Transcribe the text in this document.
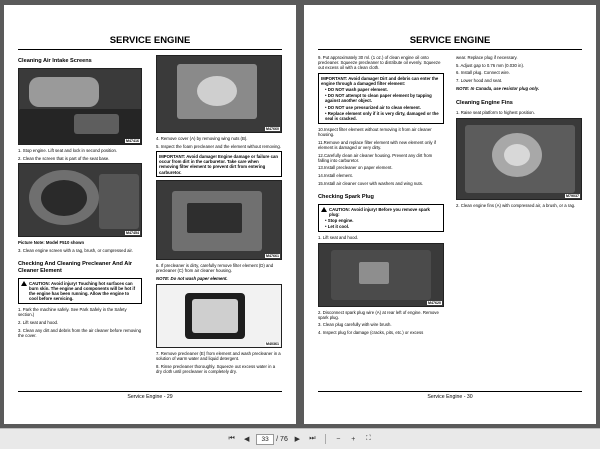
SERVICE ENGINE
Cleaning Air Intake Screens
M47416
1. Stop engine. Lift seat and lock in second position.
2. Clean the screen that is part of the seat base.
M47454
Picture Note: Model F510 shown
3. Clean engine screen with a rag, brush, or compressed air.
Checking And Cleaning Precleaner And Air Cleaner Element
CAUTION: Avoid injury! Touching hot surfaces can burn skin. The engine and components will be hot if the engine has been running. Allow the engine to cool before servicing.
1. Park the machine safely. See Park Safely in the Safety section.)
2. Lift seat and hood.
3. Clean any dirt and debris from the air cleaner before removing the cover.
M47660
4. Remove cover (A) by removing wing nuts (B).
5. Inspect the foam precleaner and the element without removing.
IMPORTANT: Avoid damage! Engine damage or failure can occur from dirt in the carburetor. Take care when removing filter element to prevent dirt from entering carburetor.
M47661
6. If precleaner is dirty, carefully remove filter element (D) and precleaner (C) from air cleaner housing.
NOTE: Do not wash paper element.
M40361
7. Remove precleaner (E) from element and wash precleaner in a solution of warm water and liquid detergent.
8. Rinse precleaner thoroughly. Squeeze out excess water in a dry cloth until precleaner is completely dry.
Service Engine - 29
SERVICE ENGINE
9. Put approximately 30 ml. (1 oz.) of clean engine oil onto precleaner. Squeeze precleaner to distribute oil evenly. Squeeze out excess oil with a clean cloth.
IMPORTANT: Avoid damage! Dirt and debris can enter the engine through a damaged filter element:
• DO NOT wash paper element.
• DO NOT attempt to clean paper element by tapping against another object.
• DO NOT use pressurized air to clean element.
• Replace element only if it is very dirty, damaged or the seal is cracked.
10.Inspect filter element without removing it from air cleaner housing.
11.Remove and replace filter element with new element only if element is damaged or very dirty.
12.Carefully clean air cleaner housing. Prevent any dirt from falling into carburetor.
13.Install precleaner on paper element.
14.Install element.
15.Install air cleaner cover with washers and wing nuts.
Checking Spark Plug
CAUTION: Avoid injury! Before you remove spark plug:
• Stop engine.
• Let it cool.
1. Lift seat and hood.
M47620
2. Disconnect spark plug wire (A) at rear left of engine. Remove spark plug.
3. Clean plug carefully with wire brush.
4. Inspect plug for damage (cracks, pits, etc.) or excess
wear. Replace plug if necessary.
5. Adjust gap to 0.76 mm (0.030 in).
6. Install plug. Connect wire.
7. Lower hood and seat.
NOTE: In Canada, use resistor plug only.
Cleaning Engine Fins
1. Raise seat platform to highest position.
M79037
2. Clean engine fins (A) with compressed air, a brush, or a rag.
Service Engine - 30
⏮	◀	33	/ 76 ▶	⏭	−	+	⛶
